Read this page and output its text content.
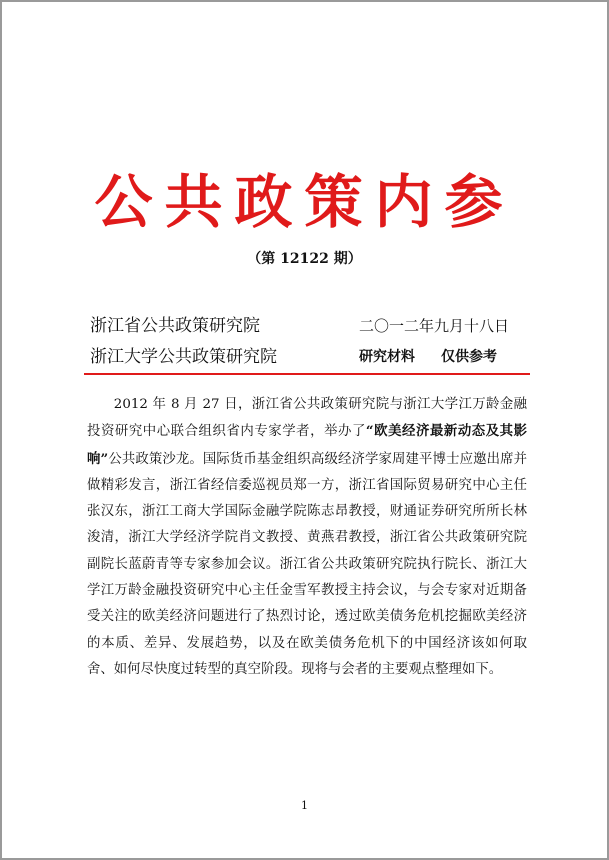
公共政策内参
（第 12122 期）
浙江省公共政策研究院
浙江大学公共政策研究院
二〇一二年九月十八日
研究材料 仅供参考

2012 年 8 月 27 日，浙江省公共政策研究院与浙江大学江万龄金融投资研究中心联合组织省内专家学者，举办了“欧美经济最新动态及其影响”公共政策沙龙。国际货币基金组织高级经济学家周建平博士应邀出席并做精彩发言，浙江省经信委巡视员郑一方，浙江省国际贸易研究中心主任张汉东，浙江工商大学国际金融学院陈志昂教授，财通证券研究所所长林浚清，浙江大学经济学院肖文教授、黄燕君教授，浙江省公共政策研究院副院长蓝蔚青等专家参加会议。浙江省公共政策研究院执行院长、浙江大学江万龄金融投资研究中心主任金雪军教授主持会议，与会专家对近期备受关注的欧美经济问题进行了热烈讨论，透过欧美债务危机挖掘欧美经济的本质、差异、发展趋势，以及在欧美债务危机下的中国经济该如何取舍、如何尽快度过转型的真空阶段。现将与会者的主要观点整理如下。

1
